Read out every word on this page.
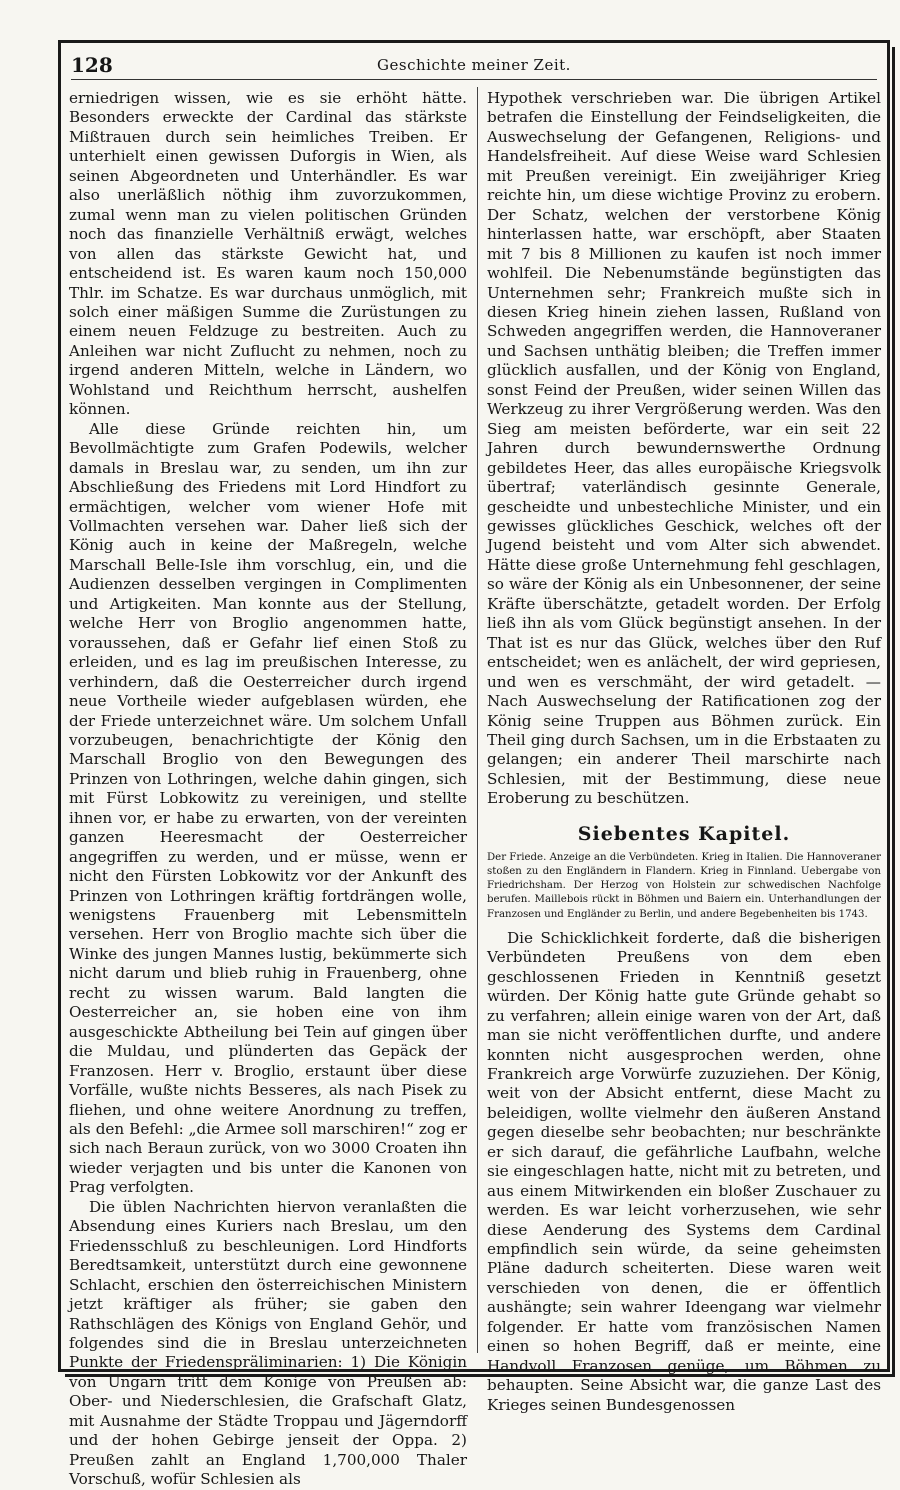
128	Geschichte meiner Zeit.

erniedrigen wissen, wie es sie erhöht hätte. Besonders erweckte der Cardinal das stärkste Mißtrauen durch sein heimliches Treiben. Er unterhielt einen gewissen Duforgis in Wien, als seinen Abgeordneten und Unterhändler. Es war also unerläßlich nöthig ihm zuvorzukommen, zumal wenn man zu vielen politischen Gründen noch das finanzielle Verhältniß erwägt, welches von allen das stärkste Gewicht hat, und entscheidend ist. Es waren kaum noch 150,000 Thlr. im Schatze. Es war durchaus unmöglich, mit solch einer mäßigen Summe die Zurüstungen zu einem neuen Feldzuge zu bestreiten. Auch zu Anleihen war nicht Zuflucht zu nehmen, noch zu irgend anderen Mitteln, welche in Ländern, wo Wohlstand und Reichthum herrscht, aushelfen können.

Alle diese Gründe reichten hin, um Bevollmächtigte zum Grafen Podewils, welcher damals in Breslau war, zu senden, um ihn zur Abschließung des Friedens mit Lord Hindfort zu ermächtigen, welcher vom wiener Hofe mit Vollmachten versehen war. Daher ließ sich der König auch in keine der Maßregeln, welche Marschall Belle-Isle ihm vorschlug, ein, und die Audienzen desselben vergingen in Complimenten und Artigkeiten. Man konnte aus der Stellung, welche Herr von Broglio angenommen hatte, voraussehen, daß er Gefahr lief einen Stoß zu erleiden, und es lag im preußischen Interesse, zu verhindern, daß die Oesterreicher durch irgend neue Vortheile wieder aufgeblasen würden, ehe der Friede unterzeichnet wäre. Um solchem Unfall vorzubeugen, benachrichtigte der König den Marschall Broglio von den Bewegungen des Prinzen von Lothringen, welche dahin gingen, sich mit Fürst Lobkowitz zu vereinigen, und stellte ihnen vor, er habe zu erwarten, von der vereinten ganzen Heeresmacht der Oesterreicher angegriffen zu werden, und er müsse, wenn er nicht den Fürsten Lobkowitz vor der Ankunft des Prinzen von Lothringen kräftig fortdrängen wolle, wenigstens Frauenberg mit Lebensmitteln versehen. Herr von Broglio machte sich über die Winke des jungen Mannes lustig, bekümmerte sich nicht darum und blieb ruhig in Frauenberg, ohne recht zu wissen warum. Bald langten die Oesterreicher an, sie hoben eine von ihm ausgeschickte Abtheilung bei Tein auf gingen über die Muldau, und plünderten das Gepäck der Franzosen. Herr v. Broglio, erstaunt über diese Vorfälle, wußte nichts Besseres, als nach Pisek zu fliehen, und ohne weitere Anordnung zu treffen, als den Befehl: „die Armee soll marschiren!“ zog er sich nach Beraun zurück, von wo 3000 Croaten ihn wieder verjagten und bis unter die Kanonen von Prag verfolgten.

Die üblen Nachrichten hiervon veranlaßten die Absendung eines Kuriers nach Breslau, um den Friedensschluß zu beschleunigen. Lord Hindforts Beredtsamkeit, unterstützt durch eine gewonnene Schlacht, erschien den österreichischen Ministern jetzt kräftiger als früher; sie gaben den Rathschlägen des Königs von England Gehör, und folgendes sind die in Breslau unterzeichneten Punkte der Friedenspräliminarien: 1) Die Königin von Ungarn tritt dem Könige von Preußen ab: Ober- und Niederschlesien, die Grafschaft Glatz, mit Ausnahme der Städte Troppau und Jägerndorff und der hohen Gebirge jenseit der Oppa. 2) Preußen zahlt an England 1,700,000 Thaler Vorschuß, wofür Schlesien als

Hypothek verschrieben war. Die übrigen Artikel betrafen die Einstellung der Feindseligkeiten, die Auswechselung der Gefangenen, Religions- und Handelsfreiheit. Auf diese Weise ward Schlesien mit Preußen vereinigt. Ein zweijähriger Krieg reichte hin, um diese wichtige Provinz zu erobern. Der Schatz, welchen der verstorbene König hinterlassen hatte, war erschöpft, aber Staaten mit 7 bis 8 Millionen zu kaufen ist noch immer wohlfeil. Die Nebenumstände begünstigten das Unternehmen sehr; Frankreich mußte sich in diesen Krieg hinein ziehen lassen, Rußland von Schweden angegriffen werden, die Hannoveraner und Sachsen unthätig bleiben; die Treffen immer glücklich ausfallen, und der König von England, sonst Feind der Preußen, wider seinen Willen das Werkzeug zu ihrer Vergrößerung werden. Was den Sieg am meisten beförderte, war ein seit 22 Jahren durch bewundernswerthe Ordnung gebildetes Heer, das alles europäische Kriegsvolk übertraf; vaterländisch gesinnte Generale, gescheidte und unbestechliche Minister, und ein gewisses glückliches Geschick, welches oft der Jugend beisteht und vom Alter sich abwendet. Hätte diese große Unternehmung fehl geschlagen, so wäre der König als ein Unbesonnener, der seine Kräfte überschätzte, getadelt worden. Der Erfolg ließ ihn als vom Glück begünstigt ansehen. In der That ist es nur das Glück, welches über den Ruf entscheidet; wen es anlächelt, der wird gepriesen, und wen es verschmäht, der wird getadelt. — Nach Auswechselung der Ratificationen zog der König seine Truppen aus Böhmen zurück. Ein Theil ging durch Sachsen, um in die Erbstaaten zu gelangen; ein anderer Theil marschirte nach Schlesien, mit der Bestimmung, diese neue Eroberung zu beschützen.

Siebentes Kapitel.
Der Friede. Anzeige an die Verbündeten. Krieg in Italien. Die Hannoveraner stoßen zu den Engländern in Flandern. Krieg in Finnland. Uebergabe von Friedrichsham. Der Herzog von Holstein zur schwedischen Nachfolge berufen. Maillebois rückt in Böhmen und Baiern ein. Unterhandlungen der Franzosen und Engländer zu Berlin, und andere Begebenheiten bis 1743.

Die Schicklichkeit forderte, daß die bisherigen Verbündeten Preußens von dem eben geschlossenen Frieden in Kenntniß gesetzt würden. Der König hatte gute Gründe gehabt so zu verfahren; allein einige waren von der Art, daß man sie nicht veröffentlichen durfte, und andere konnten nicht ausgesprochen werden, ohne Frankreich arge Vorwürfe zuzuziehen. Der König, weit von der Absicht entfernt, diese Macht zu beleidigen, wollte vielmehr den äußeren Anstand gegen dieselbe sehr beobachten; nur beschränkte er sich darauf, die gefährliche Laufbahn, welche sie eingeschlagen hatte, nicht mit zu betreten, und aus einem Mitwirkenden ein bloßer Zuschauer zu werden. Es war leicht vorherzusehen, wie sehr diese Aenderung des Systems dem Cardinal empfindlich sein würde, da seine geheimsten Pläne dadurch scheiterten. Diese waren weit verschieden von denen, die er öffentlich aushängte; sein wahrer Ideengang war vielmehr folgender. Er hatte vom französischen Namen einen so hohen Begriff, daß er meinte, eine Handvoll Franzosen genüge, um Böhmen zu behaupten. Seine Absicht war, die ganze Last des Krieges seinen Bundesgenossen
